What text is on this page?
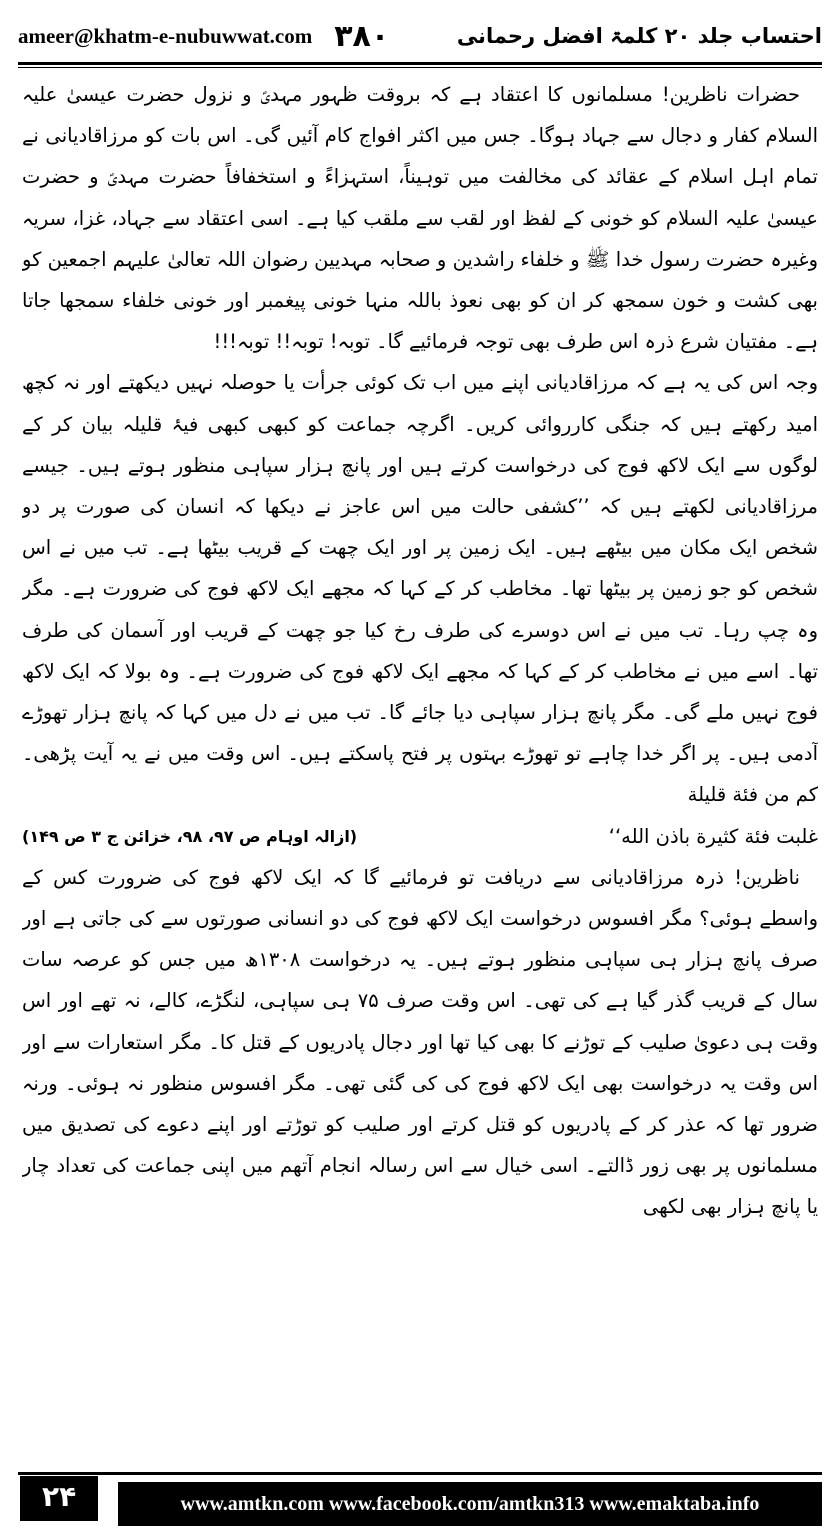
ameer@khatm-e-nubuwwat.com ۳۸۰	احتساب جلد ۲۰ کلمۃ افضل رحمانی

حضرات ناظرین! مسلمانوں کا اعتقاد ہے کہ بروقت ظہور مہدیؑ و نزول حضرت عیسیٰ علیہ السلام کفار و دجال سے جہاد ہوگا۔ جس میں اکثر افواج کام آئیں گی۔ اس بات کو مرزاقادیانی نے تمام اہل اسلام کے عقائد کی مخالفت میں توہیناً، استہزاءً و استخفافاً حضرت مہدیؑ و حضرت عیسیٰ علیہ السلام کو خونی کے لفظ اور لقب سے ملقب کیا ہے۔ اسی اعتقاد سے جہاد، غزا، سریہ وغیرہ حضرت رسول خدا ﷺ و خلفاء راشدین و صحابہ مہدیین رضوان اللہ تعالیٰ علیہم اجمعین کو بھی کشت و خون سمجھ کر ان کو بھی نعوذ باللہ منہا خونی پیغمبر اور خونی خلفاء سمجھا جاتا ہے۔ مفتیان شرع ذرہ اس طرف بھی توجہ فرمائیے گا۔ توبہ! توبہ!! توبہ!!!

وجہ اس کی یہ ہے کہ مرزاقادیانی اپنے میں اب تک کوئی جرأت یا حوصلہ نہیں دیکھتے اور نہ کچھ امید رکھتے ہیں کہ جنگی کارروائی کریں۔ اگرچہ جماعت کو کبھی کبھی فیۂ قلیلہ بیان کر کے لوگوں سے ایک لاکھ فوج کی درخواست کرتے ہیں اور پانچ ہزار سپاہی منظور ہوتے ہیں۔ جیسے مرزاقادیانی لکھتے ہیں کہ ’’کشفی حالت میں اس عاجز نے دیکھا کہ انسان کی صورت پر دو شخص ایک مکان میں بیٹھے ہیں۔ ایک زمین پر اور ایک چھت کے قریب بیٹھا ہے۔ تب میں نے اس شخص کو جو زمین پر بیٹھا تھا۔ مخاطب کر کے کہا کہ مجھے ایک لاکھ فوج کی ضرورت ہے۔ مگر وہ چپ رہا۔ تب میں نے اس دوسرے کی طرف رخ کیا جو چھت کے قریب اور آسمان کی طرف تھا۔ اسے میں نے مخاطب کر کے کہا کہ مجھے ایک لاکھ فوج کی ضرورت ہے۔ وہ بولا کہ ایک لاکھ فوج نہیں ملے گی۔ مگر پانچ ہزار سپاہی دیا جائے گا۔ تب میں نے دل میں کہا کہ پانچ ہزار تھوڑے آدمی ہیں۔ پر اگر خدا چاہے تو تھوڑے بہتوں پر فتح پاسکتے ہیں۔ اس وقت میں نے یہ آیت پڑھی۔ کم من فئة قليلة

غلبت فئة كثيرة باذن الله‘‘
(ازالہ اوہام ص ۹۷، ۹۸، خزائن ج ۳ ص ۱۴۹)

ناظرین! ذرہ مرزاقادیانی سے دریافت تو فرمائیے گا کہ ایک لاکھ فوج کی ضرورت کس کے واسطے ہوئی؟ مگر افسوس درخواست ایک لاکھ فوج کی دو انسانی صورتوں سے کی جاتی ہے اور صرف پانچ ہزار ہی سپاہی منظور ہوتے ہیں۔ یہ درخواست ۱۳۰۸ھ میں جس کو عرصہ سات سال کے قریب گذر گیا ہے کی تھی۔ اس وقت صرف ۷۵ ہی سپاہی، لنگڑے، کالے، نہ تھے اور اس وقت ہی دعویٰ صلیب کے توڑنے کا بھی کیا تھا اور دجال پادریوں کے قتل کا۔ مگر استعارات سے اور اس وقت یہ درخواست بھی ایک لاکھ فوج کی کی گئی تھی۔ مگر افسوس منظور نہ ہوئی۔ ورنہ ضرور تھا کہ عذر کر کے پادریوں کو قتل کرتے اور صلیب کو توڑتے اور اپنے دعوے کی تصدیق میں مسلمانوں پر بھی زور ڈالتے۔ اسی خیال سے اس رسالہ انجام آتھم میں اپنی جماعت کی تعداد چار یا پانچ ہزار بھی لکھی

۲۴	www.amtkn.com www.facebook.com/amtkn313 www.emaktaba.info
